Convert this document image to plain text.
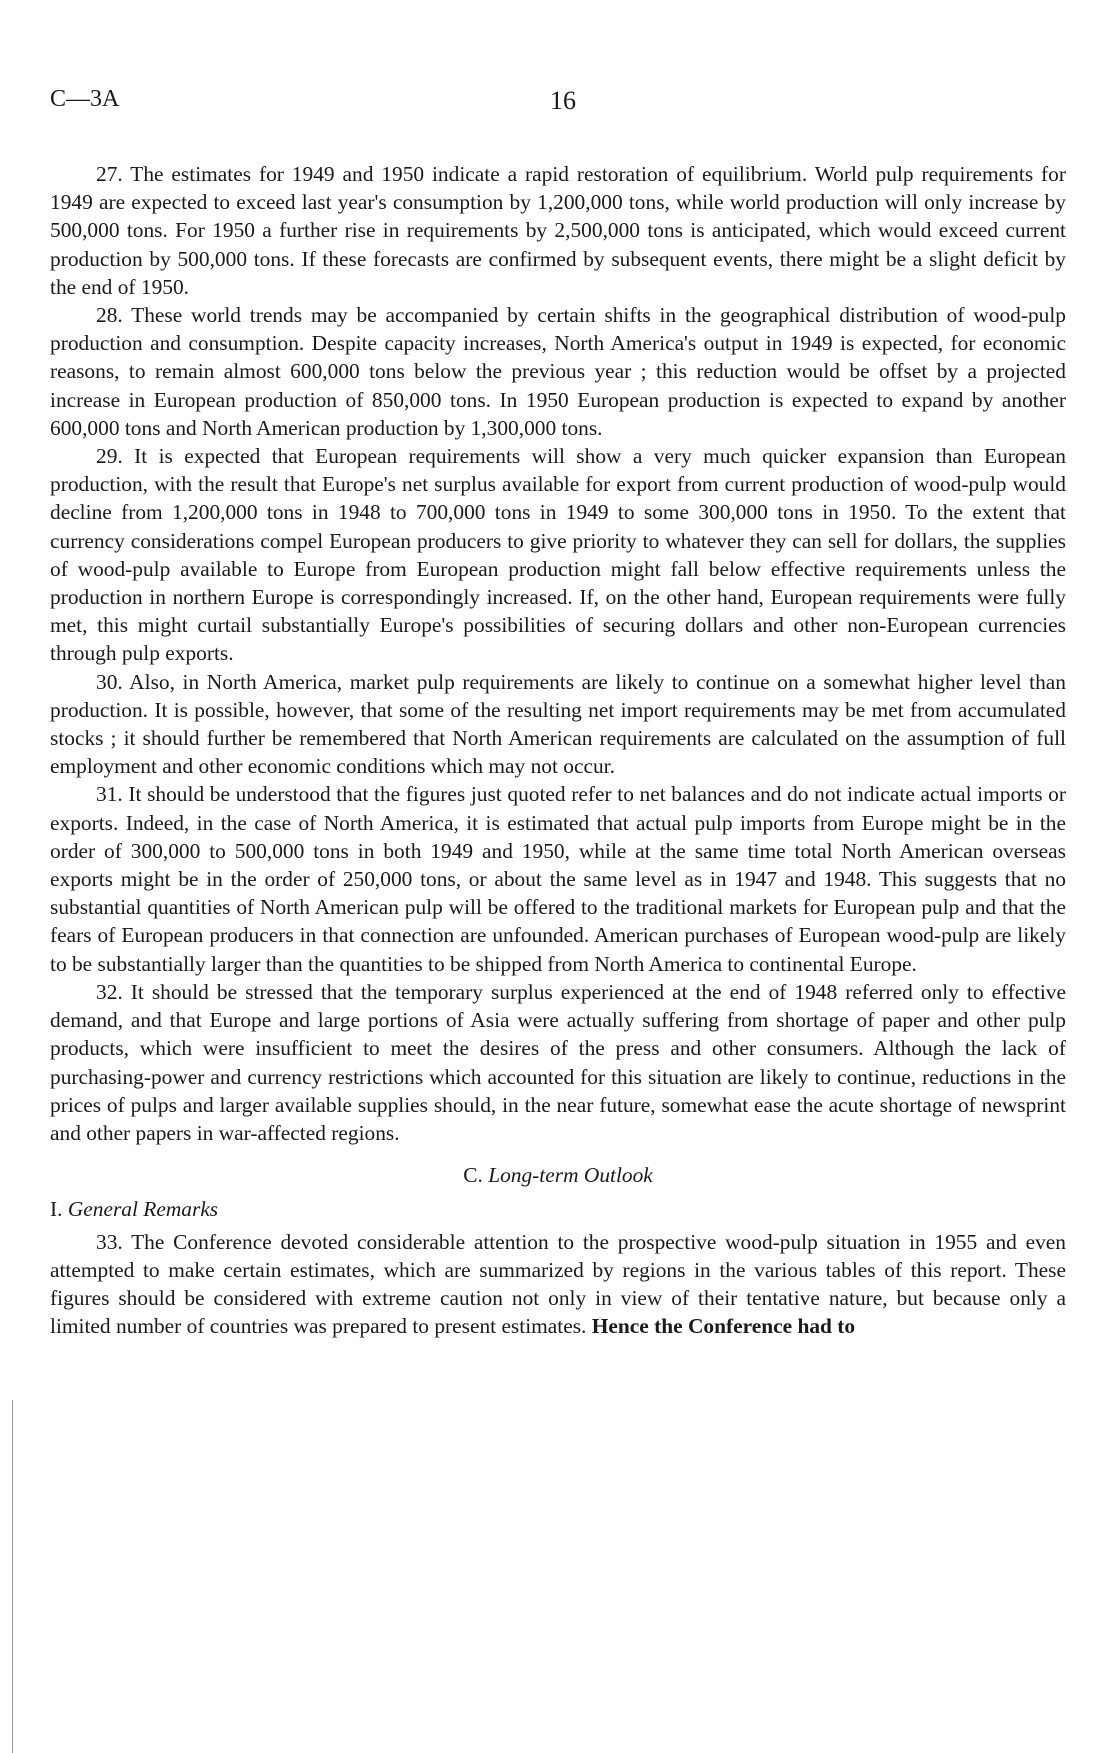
C—3A	16

27. The estimates for 1949 and 1950 indicate a rapid restoration of equilibrium. World pulp requirements for 1949 are expected to exceed last year's consumption by 1,200,000 tons, while world production will only increase by 500,000 tons. For 1950 a further rise in requirements by 2,500,000 tons is anticipated, which would exceed current production by 500,000 tons. If these forecasts are confirmed by subsequent events, there might be a slight deficit by the end of 1950.

28. These world trends may be accompanied by certain shifts in the geographical distribution of wood-pulp production and consumption. Despite capacity increases, North America's output in 1949 is expected, for economic reasons, to remain almost 600,000 tons below the previous year ; this reduction would be offset by a projected increase in European production of 850,000 tons. In 1950 European production is expected to expand by another 600,000 tons and North American production by 1,300,000 tons.

29. It is expected that European requirements will show a very much quicker expansion than European production, with the result that Europe's net surplus available for export from current production of wood-pulp would decline from 1,200,000 tons in 1948 to 700,000 tons in 1949 to some 300,000 tons in 1950. To the extent that currency considerations compel European producers to give priority to whatever they can sell for dollars, the supplies of wood-pulp available to Europe from European production might fall below effective requirements unless the production in northern Europe is correspondingly increased. If, on the other hand, European requirements were fully met, this might curtail substantially Europe's possibilities of securing dollars and other non-European currencies through pulp exports.

30. Also, in North America, market pulp requirements are likely to continue on a somewhat higher level than production. It is possible, however, that some of the resulting net import requirements may be met from accumulated stocks ; it should further be remembered that North American requirements are calculated on the assumption of full employment and other economic conditions which may not occur.

31. It should be understood that the figures just quoted refer to net balances and do not indicate actual imports or exports. Indeed, in the case of North America, it is estimated that actual pulp imports from Europe might be in the order of 300,000 to 500,000 tons in both 1949 and 1950, while at the same time total North American overseas exports might be in the order of 250,000 tons, or about the same level as in 1947 and 1948. This suggests that no substantial quantities of North American pulp will be offered to the traditional markets for European pulp and that the fears of European producers in that connection are unfounded. American purchases of European wood-pulp are likely to be substantially larger than the quantities to be shipped from North America to continental Europe.

32. It should be stressed that the temporary surplus experienced at the end of 1948 referred only to effective demand, and that Europe and large portions of Asia were actually suffering from shortage of paper and other pulp products, which were insufficient to meet the desires of the press and other consumers. Although the lack of purchasing-power and currency restrictions which accounted for this situation are likely to continue, reductions in the prices of pulps and larger available supplies should, in the near future, somewhat ease the acute shortage of newsprint and other papers in war-affected regions.

C. Long-term Outlook

I. General Remarks

33. The Conference devoted considerable attention to the prospective wood-pulp situation in 1955 and even attempted to make certain estimates, which are summarized by regions in the various tables of this report. These figures should be considered with extreme caution not only in view of their tentative nature, but because only a limited number of countries was prepared to present estimates. Hence the Conference had to
